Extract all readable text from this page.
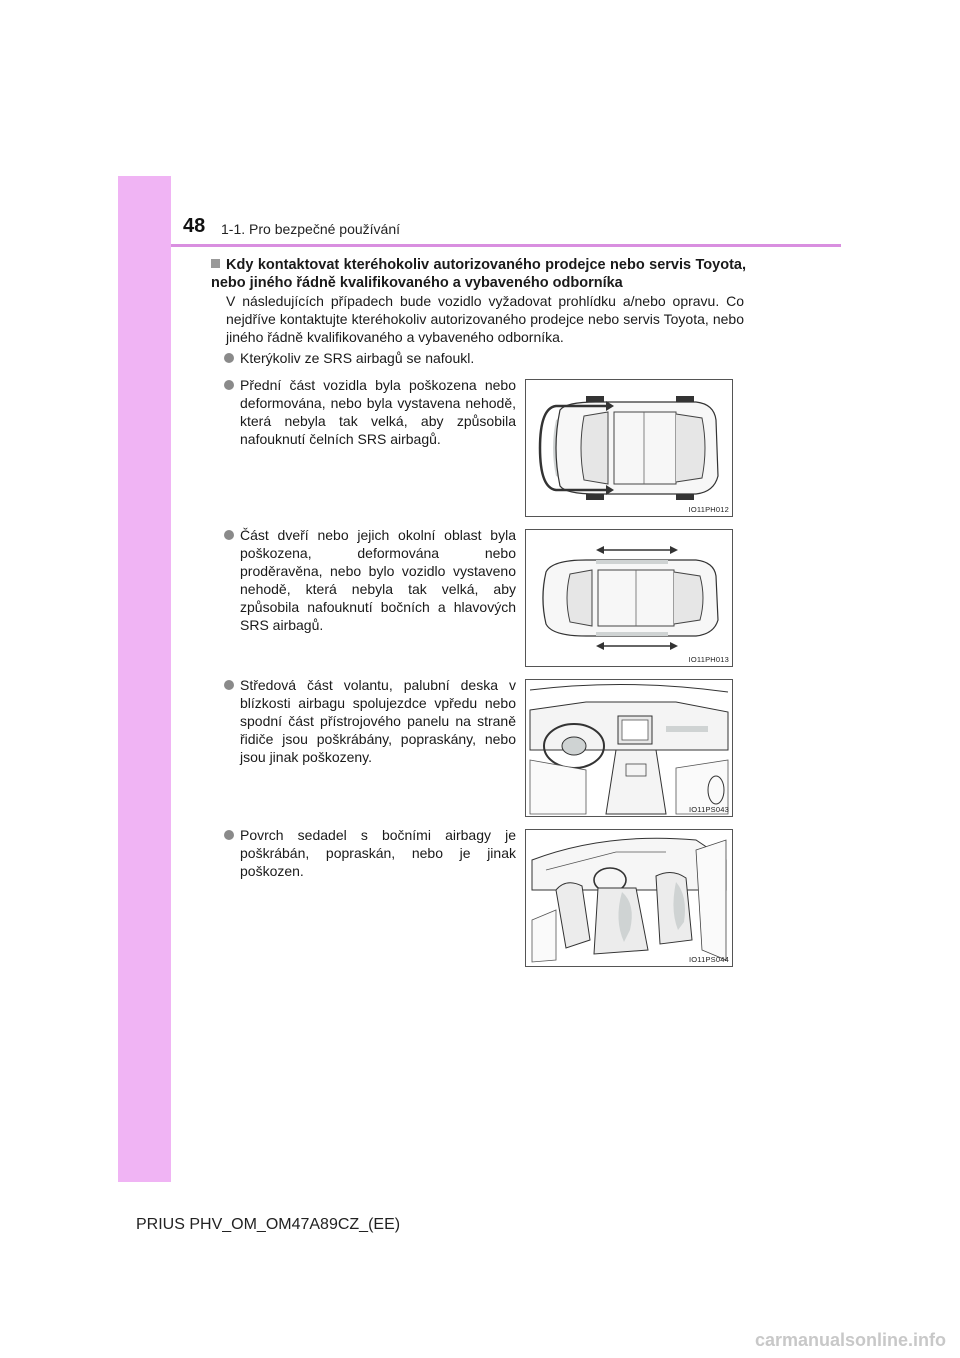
48 1-1. Pro bezpečné používání
Kdy kontaktovat kteréhokoliv autorizovaného prodejce nebo servis Toyota, nebo jiného řádně kvalifikovaného a vybaveného odborníka
V následujících případech bude vozidlo vyžadovat prohlídku a/nebo opravu. Co nejdříve kontaktujte kteréhokoliv autorizovaného prodejce nebo servis Toyota, nebo jiného řádně kvalifikovaného a vybaveného odborníka.
Kterýkoliv ze SRS airbagů se nafoukl.
Přední část vozidla byla poškozena nebo deformována, nebo byla vystavena nehodě, která nebyla tak velká, aby způsobila nafouknutí čelních SRS airbagů.
Část dveří nebo jejich okolní oblast byla poškozena, deformována nebo proděravěna, nebo bylo vozidlo vystaveno nehodě, která nebyla tak velká, aby způsobila nafouknutí bočních a hlavových SRS airbagů.
Středová část volantu, palubní deska v blízkosti airbagu spolujezdce vpředu nebo spodní část přístrojového panelu na straně řidiče jsou poškrábány, popraskány, nebo jsou jinak poškozeny.
Povrch sedadel s bočními airbagy je poškrábán, popraskán, nebo je jinak poškozen.
IO11PH012
IO11PH013
IO11PS043
IO11PS044
PRIUS PHV_OM_OM47A89CZ_(EE)
carmanualsonline.info
